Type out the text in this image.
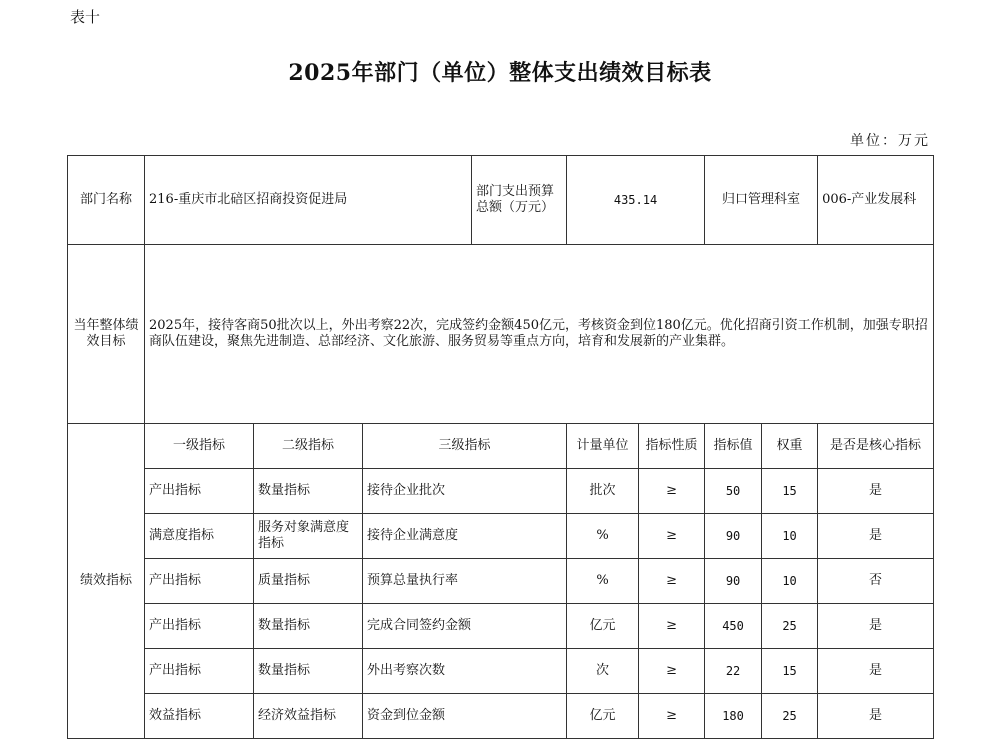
表十
2025年部门（单位）整体支出绩效目标表
单位：万元
部门名称	216-重庆市北碚区招商投资促进局			部门支出预算总额（万元）	435.14		归口管理科室		006-产业发展科
当年整体绩效目标	2025年，接待客商50批次以上，外出考察22次，完成签约金额450亿元，考核资金到位180亿元。优化招商引资工作机制，加强专职招商队伍建设，聚焦先进制造、总部经济、文化旅游、服务贸易等重点方向，培育和发展新的产业集群。								
绩效指标	一级指标	二级指标	三级指标		计量单位	指标性质	指标值	权重	是否是核心指标
	产出指标	数量指标	接待企业批次		批次	≥	50	15	是
	满意度指标	服务对象满意度指标	接待企业满意度		%	≥	90	10	是
	产出指标	质量指标	预算总量执行率		%	≥	90	10	否
	产出指标	数量指标	完成合同签约金额		亿元	≥	450	25	是
	产出指标	数量指标	外出考察次数		次	≥	22	15	是
	效益指标	经济效益指标	资金到位金额		亿元	≥	180	25	是
